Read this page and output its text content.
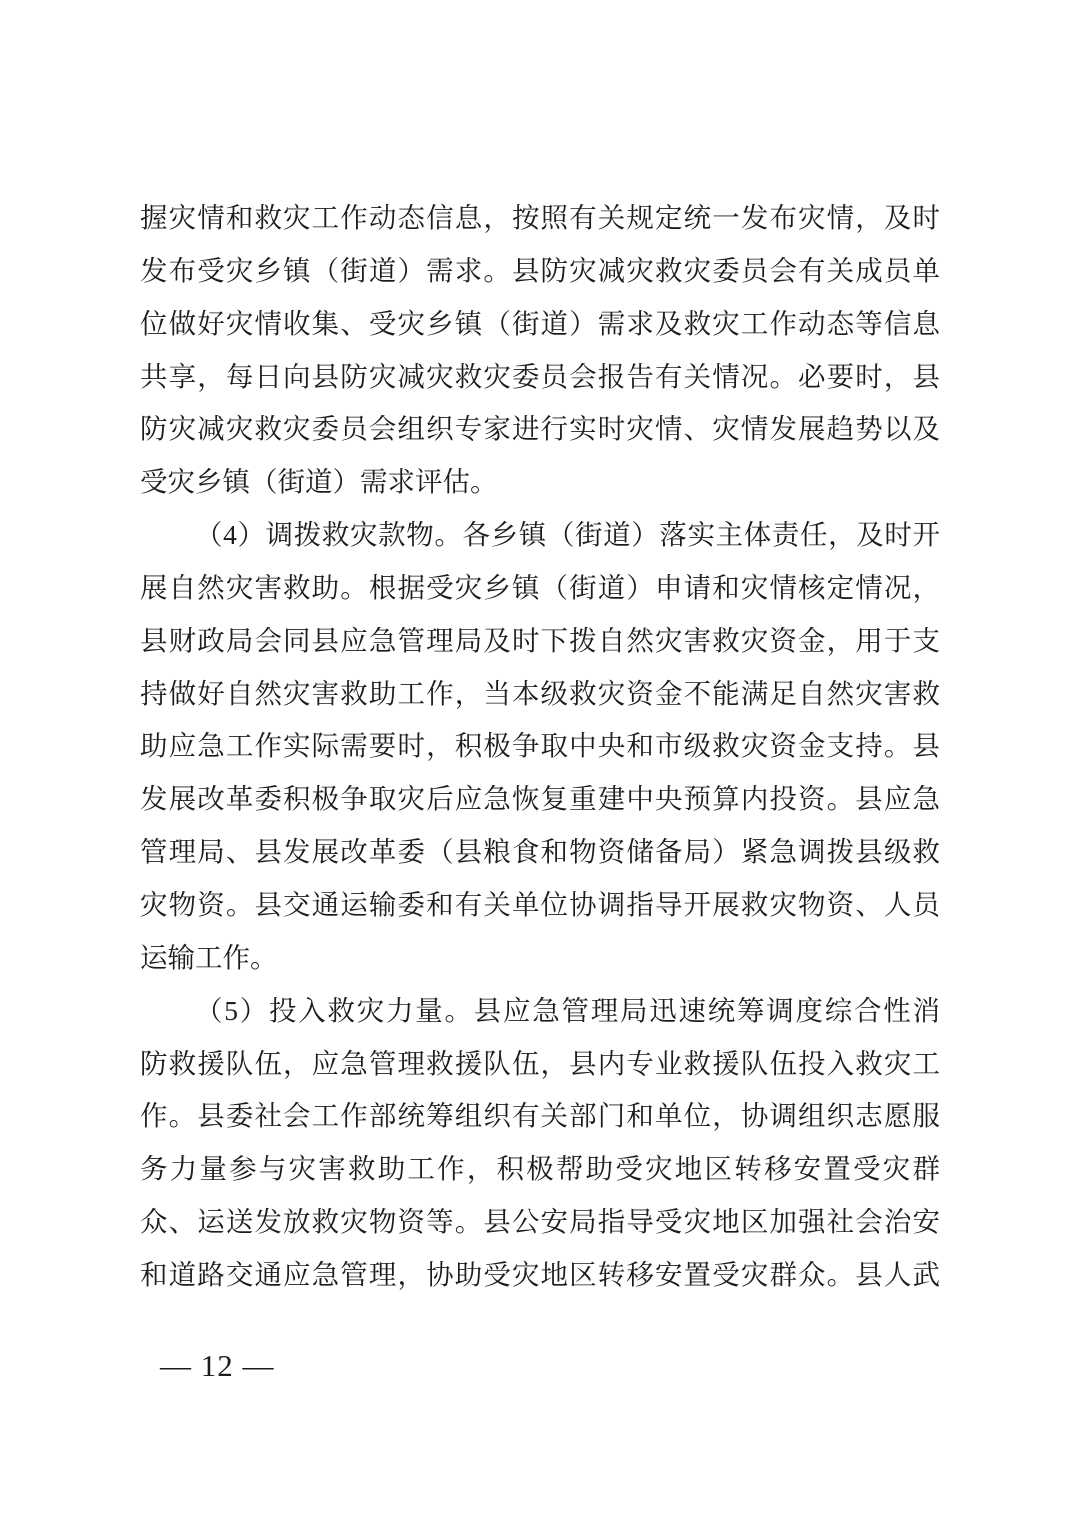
握灾情和救灾工作动态信息，按照有关规定统一发布灾情，及时
发布受灾乡镇（街道）需求。县防灾减灾救灾委员会有关成员单
位做好灾情收集、受灾乡镇（街道）需求及救灾工作动态等信息
共享，每日向县防灾减灾救灾委员会报告有关情况。必要时，县
防灾减灾救灾委员会组织专家进行实时灾情、灾情发展趋势以及
受灾乡镇（街道）需求评估。
（4）调拨救灾款物。各乡镇（街道）落实主体责任，及时开
展自然灾害救助。根据受灾乡镇（街道）申请和灾情核定情况，
县财政局会同县应急管理局及时下拨自然灾害救灾资金，用于支
持做好自然灾害救助工作，当本级救灾资金不能满足自然灾害救
助应急工作实际需要时，积极争取中央和市级救灾资金支持。县
发展改革委积极争取灾后应急恢复重建中央预算内投资。县应急
管理局、县发展改革委（县粮食和物资储备局）紧急调拨县级救
灾物资。县交通运输委和有关单位协调指导开展救灾物资、人员
运输工作。
（5）投入救灾力量。县应急管理局迅速统筹调度综合性消
防救援队伍，应急管理救援队伍，县内专业救援队伍投入救灾工
作。县委社会工作部统筹组织有关部门和单位，协调组织志愿服
务力量参与灾害救助工作，积极帮助受灾地区转移安置受灾群
众、运送发放救灾物资等。县公安局指导受灾地区加强社会治安
和道路交通应急管理，协助受灾地区转移安置受灾群众。县人武
— 12 —
